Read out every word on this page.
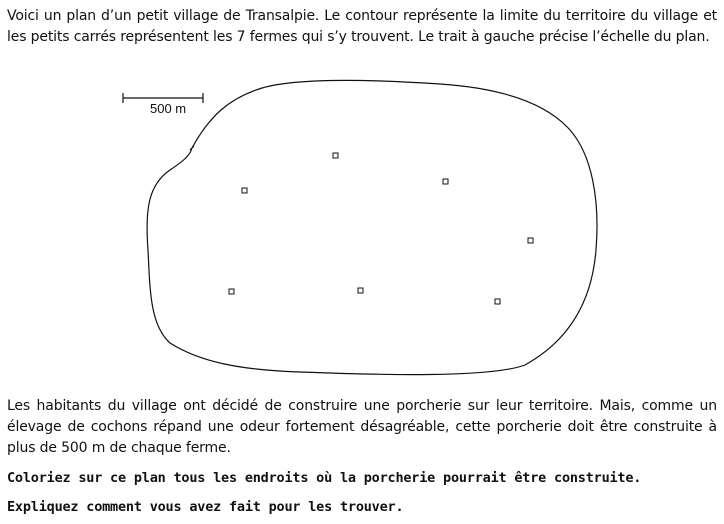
Voici un plan d’un petit village de Transalpie. Le contour représente la limite du territoire du village et les petits carrés représentent les 7 fermes qui s’y trouvent. Le trait à gauche précise l’échelle du plan.

500 m

Les habitants du village ont décidé de construire une porcherie sur leur territoire. Mais, comme un élevage de cochons répand une odeur fortement désagréable, cette porcherie doit être construite à plus de 500 m de chaque ferme.

Coloriez sur ce plan tous les endroits où la porcherie pourrait être construite.

Expliquez comment vous avez fait pour les trouver.
